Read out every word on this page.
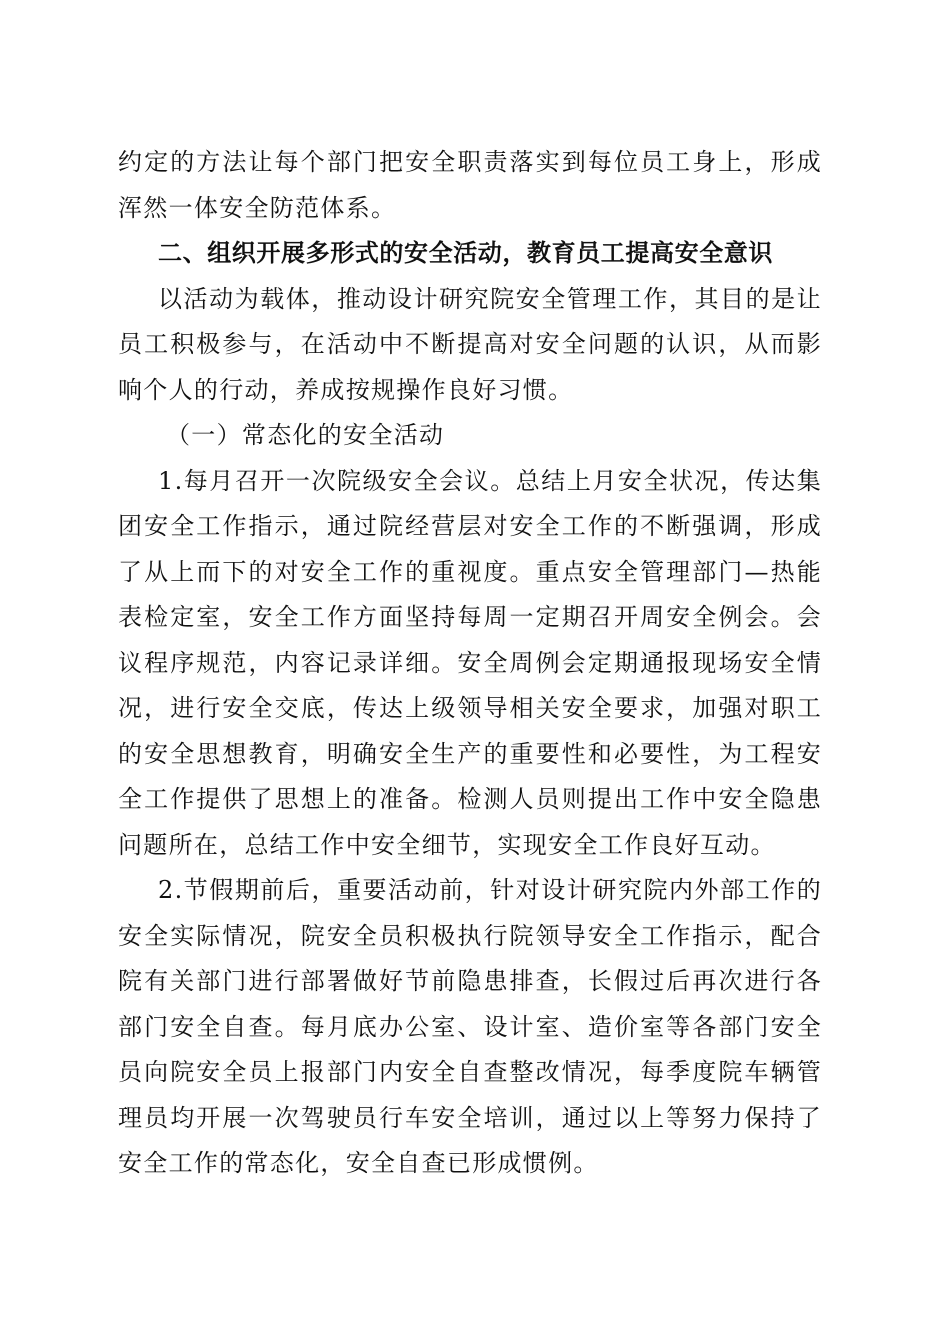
约定的方法让每个部门把安全职责落实到每位员工身上，形成
浑然一体安全防范体系。
二、组织开展多形式的安全活动，教育员工提高安全意识
以活动为载体，推动设计研究院安全管理工作，其目的是让
员工积极参与，在活动中不断提高对安全问题的认识，从而影
响个人的行动，养成按规操作良好习惯。
（一）常态化的安全活动
1.每月召开一次院级安全会议。总结上月安全状况，传达集
团安全工作指示，通过院经营层对安全工作的不断强调，形成
了从上而下的对安全工作的重视度。重点安全管理部门—热能
表检定室，安全工作方面坚持每周一定期召开周安全例会。会
议程序规范，内容记录详细。安全周例会定期通报现场安全情
况，进行安全交底，传达上级领导相关安全要求，加强对职工
的安全思想教育，明确安全生产的重要性和必要性，为工程安
全工作提供了思想上的准备。检测人员则提出工作中安全隐患
问题所在，总结工作中安全细节，实现安全工作良好互动。
2.节假期前后，重要活动前，针对设计研究院内外部工作的
安全实际情况，院安全员积极执行院领导安全工作指示，配合
院有关部门进行部署做好节前隐患排查，长假过后再次进行各
部门安全自查。每月底办公室、设计室、造价室等各部门安全
员向院安全员上报部门内安全自查整改情况，每季度院车辆管
理员均开展一次驾驶员行车安全培训，通过以上等努力保持了
安全工作的常态化，安全自查已形成惯例。
